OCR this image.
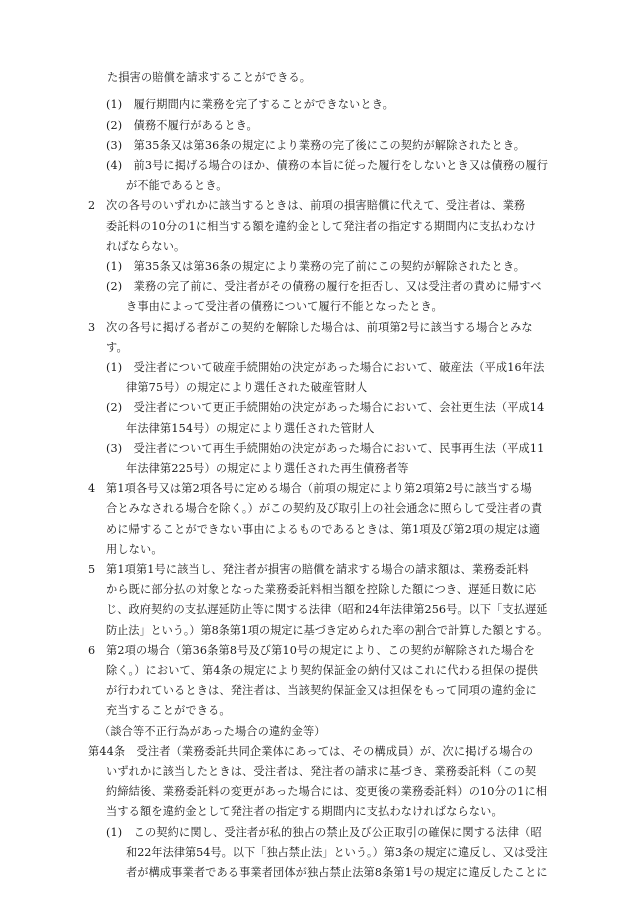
た損害の賠償を請求することができる。
(1)　履行期間内に業務を完了することができないとき。
(2)　債務不履行があるとき。
(3)　第35条又は第36条の規定により業務の完了後にこの契約が解除されたとき。
(4)　前3号に掲げる場合のほか、債務の本旨に従った履行をしないとき又は債務の履行
が不能であるとき。
2 次の各号のいずれかに該当するときは、前項の損害賠償に代えて、受注者は、業務
委託料の10分の1に相当する額を違約金として発注者の指定する期間内に支払わなけ
ればならない。
(1)　第35条又は第36条の規定により業務の完了前にこの契約が解除されたとき。
(2)　業務の完了前に、受注者がその債務の履行を拒否し、又は受注者の責めに帰すべ
き事由によって受注者の債務について履行不能となったとき。
3 次の各号に掲げる者がこの契約を解除した場合は、前項第2号に該当する場合とみな
す。
(1)　受注者について破産手続開始の決定があった場合において、破産法（平成16年法
律第75号）の規定により選任された破産管財人
(2)　受注者について更正手続開始の決定があった場合において、会社更生法（平成14
年法律第154号）の規定により選任された管財人
(3)　受注者について再生手続開始の決定があった場合において、民事再生法（平成11
年法律第225号）の規定により選任された再生債務者等
4 第1項各号又は第2項各号に定める場合（前項の規定により第2項第2号に該当する場
合とみなされる場合を除く。）がこの契約及び取引上の社会通念に照らして受注者の責
めに帰することができない事由によるものであるときは、第1項及び第2項の規定は適
用しない。
5 第1項第1号に該当し、発注者が損害の賠償を請求する場合の請求額は、業務委託料
から既に部分払の対象となった業務委託料相当額を控除した額につき、遅延日数に応
じ、政府契約の支払遅延防止等に関する法律（昭和24年法律第256号。以下「支払遅延
防止法」という。）第8条第1項の規定に基づき定められた率の割合で計算した額とする。
6 第2項の場合（第36条第8号及び第10号の規定により、この契約が解除された場合を
除く。）において、第4条の規定により契約保証金の納付又はこれに代わる担保の提供
が行われているときは、発注者は、当該契約保証金又は担保をもって同項の違約金に
充当することができる。
（談合等不正行為があった場合の違約金等）
第44条　受注者（業務委託共同企業体にあっては、その構成員）が、次に掲げる場合の
いずれかに該当したときは、受注者は、発注者の請求に基づき、業務委託料（この契
約締結後、業務委託料の変更があった場合には、変更後の業務委託料）の10分の1に相
当する額を違約金として発注者の指定する期間内に支払わなければならない。
(1)　この契約に関し、受注者が私的独占の禁止及び公正取引の確保に関する法律（昭
和22年法律第54号。以下「独占禁止法」という。）第3条の規定に違反し、又は受注
者が構成事業者である事業者団体が独占禁止法第8条第1号の規定に違反したことに
